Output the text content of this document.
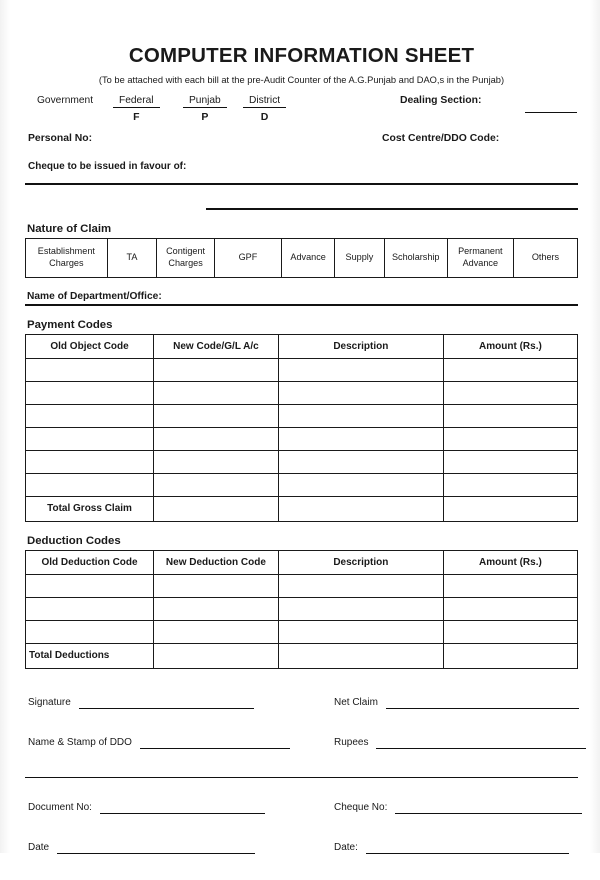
COMPUTER INFORMATION SHEET
(To be attached with each bill at the pre-Audit Counter of the A.G.Punjab and DAO,s in the Punjab)
Government	Federal
F
Punjab
P
District
D
Dealing Section:
Personal No:	Cost Centre/DDO Code:
Cheque to be issued in favour of:
Nature of Claim
Establishment Charges	TA	Contigent Charges	GPF	Advance	Supply	Scholarship	Permanent Advance	Others
Name of Department/Office:
Payment Codes
Old Object Code	New Code/G/L A/c	Description	Amount (Rs.)

Total Gross Claim			
Deduction Codes
Old Deduction Code	New Deduction Code	Description	Amount (Rs.)

Total Deductions			
Signature	Net Claim
Name & Stamp of DDO	Rupees
Document No:	Cheque No:
Date	Date:
